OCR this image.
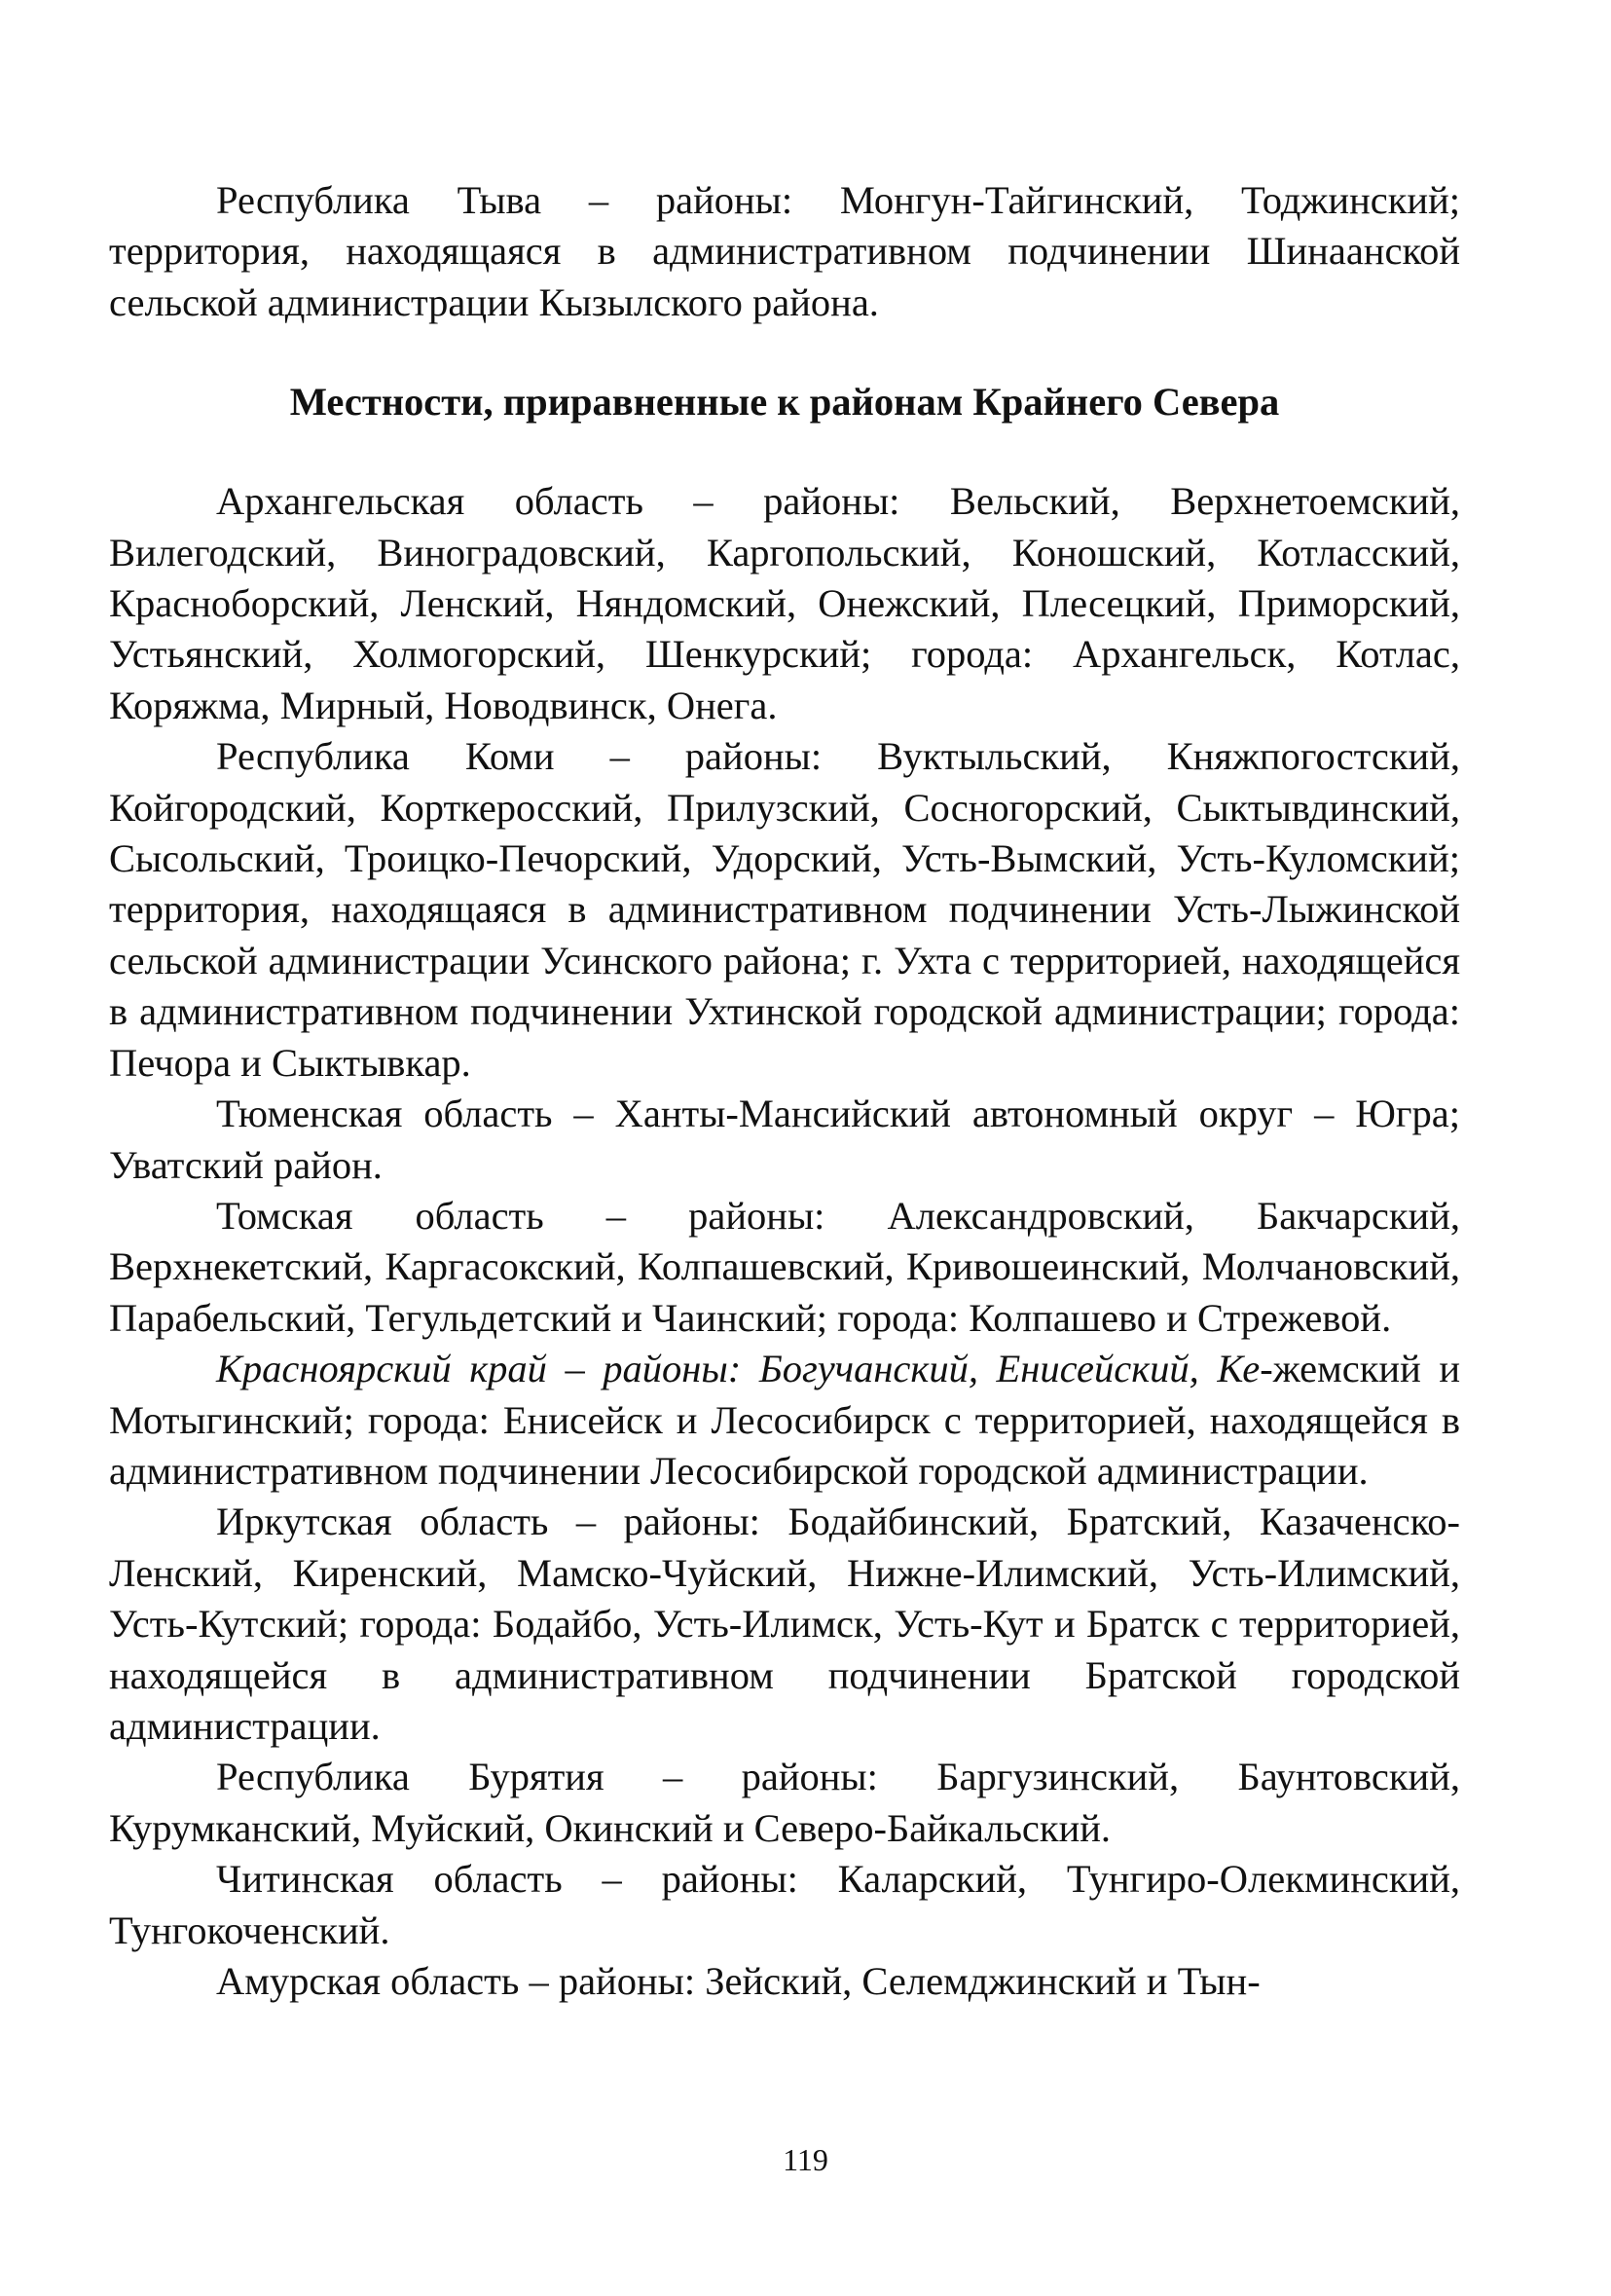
Республика Тыва – районы: Монгун-Тайгинский, Тоджинский; территория, находящаяся в административном подчинении Шинаанской сельской администрации Кызылского района.

Местности, приравненные к районам Крайнего Севера

Архангельская область – районы: Вельский, Верхнетоемский, Вилегодский, Виноградовский, Каргопольский, Коношский, Котласский, Красноборский, Ленский, Няндомский, Онежский, Плесецкий, Приморский, Устьянский, Холмогорский, Шенкурский; города: Архангельск, Котлас, Коряжма, Мирный, Новодвинск, Онега.

Республика Коми – районы: Вуктыльский, Княжпогостский, Койгородский, Корткеросский, Прилузский, Сосногорский, Сыктывдинский, Сысольский, Троицко-Печорский, Удорский, Усть-Вымский, Усть-Куломский; территория, находящаяся в административном подчинении Усть-Лыжинской сельской администрации Усинского района; г. Ухта с территорией, находящейся в административном подчинении Ухтинской городской администрации; города: Печора и Сыктывкар.

Тюменская область – Ханты-Мансийский автономный округ – Югра; Уватский район.

Томская область – районы: Александровский, Бакчарский, Верхнекетский, Каргасокский, Колпашевский, Кривошеинский, Молчановский, Парабельский, Тегульдетский и Чаинский; города: Колпашево и Стрежевой.

Красноярский край – районы: Богучанский, Енисейский, Ке-жемский и Мотыгинский; города: Енисейск и Лесосибирск с территорией, находящейся в административном подчинении Лесосибирской городской администрации.

Иркутская область – районы: Бодайбинский, Братский, Казаченско-Ленский, Киренский, Мамско-Чуйский, Нижне-Илимский, Усть-Илимский, Усть-Кутский; города: Бодайбо, Усть-Илимск, Усть-Кут и Братск с территорией, находящейся в административном подчинении Братской городской администрации.

Республика Бурятия – районы: Баргузинский, Баунтовский, Курумканский, Муйский, Окинский и Северо-Байкальский.

Читинская область – районы: Каларский, Тунгиро-Олекминский, Тунгокоченский.

Амурская область – районы: Зейский, Селемджинский и Тын-

119
